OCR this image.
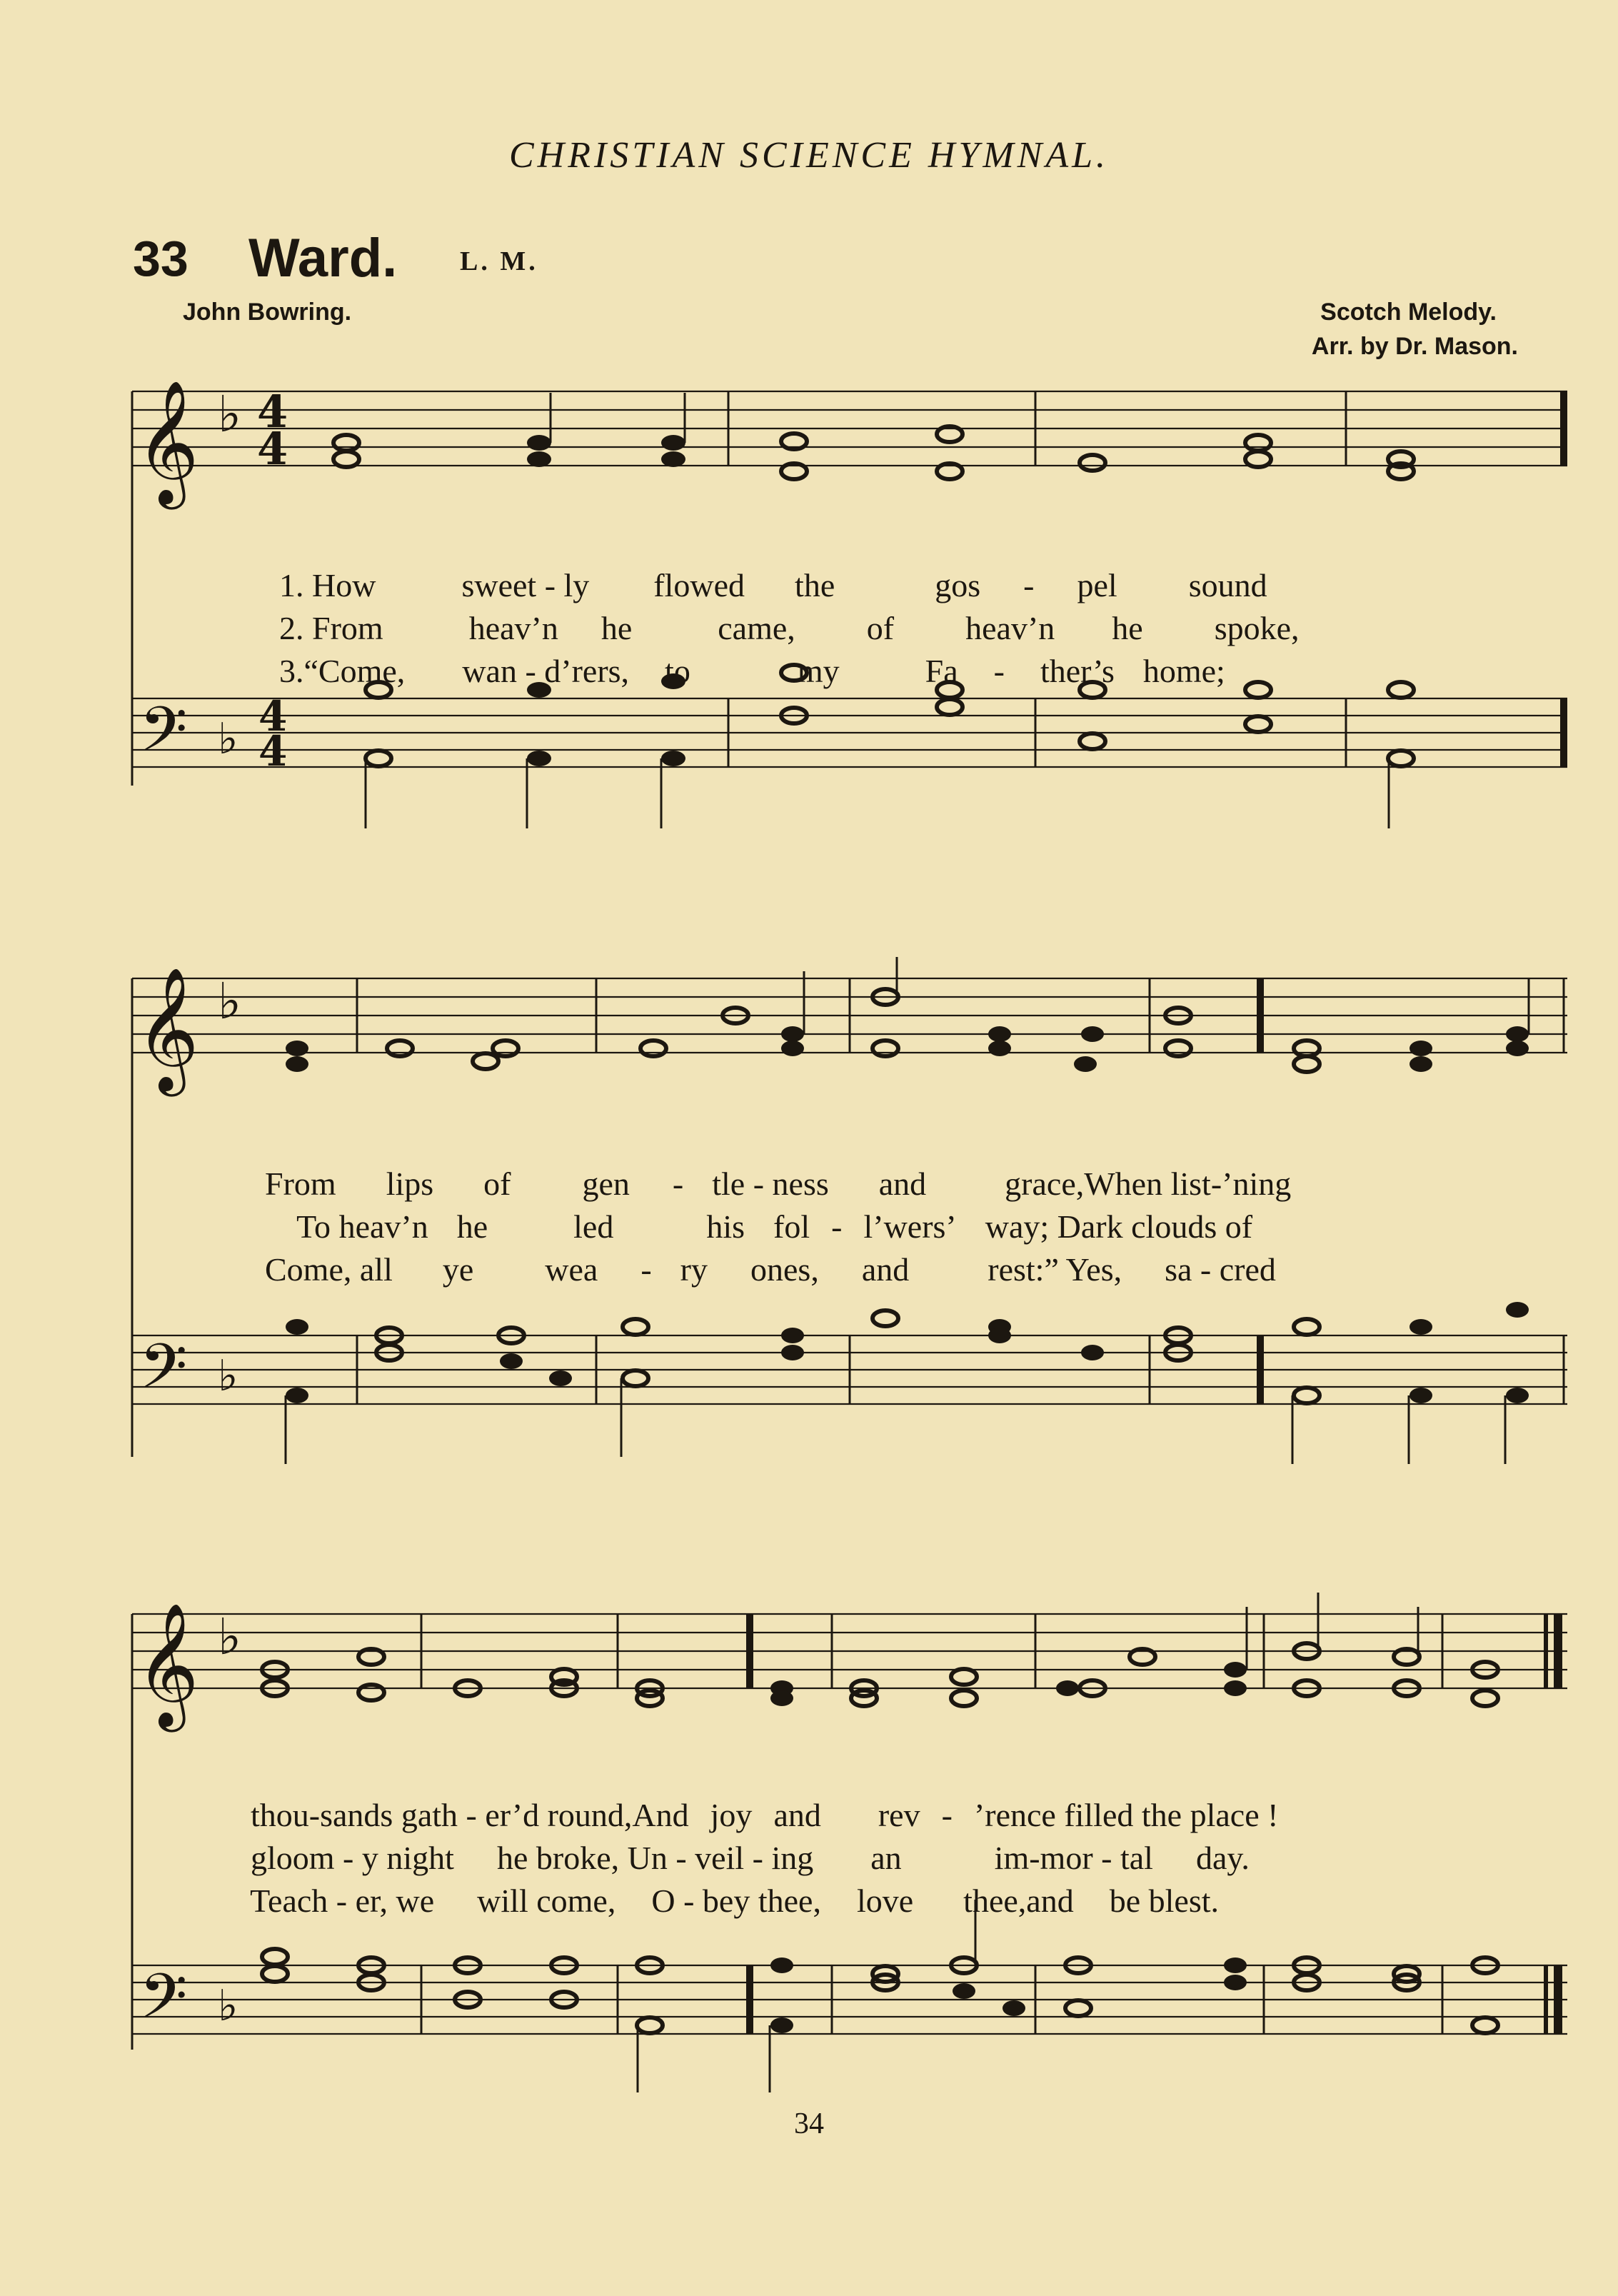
CHRISTIAN SCIENCE HYMNAL.
33 Ward. L. M.
John Bowring.	Scotch Melody.
Arr. by Dr. Mason.
𝄞 ♭ 4
4
𝄢 ♭ 4
4

1. How	sweet - ly flowed the	gos - pel sound

2. From	heav’n he	came, of heav’n he spoke,

3.“Come, wan - d’rers, to	my	Fa - ther’s home;

𝄞 ♭
𝄢 ♭

From lips of gen - tle - ness and grace,When list-’ning

To heav’n he	led	his fol - l’wers’ way; Dark clouds of

Come, all ye wea - ry ones, and rest:” Yes, sa - cred

𝄞 ♭
𝄢 ♭

thou-sands gath - er’d round,And joy and rev - ’rence filled the place !

gloom - y night he broke, Un - veil - ing an	im-mor - tal day.

Teach - er, we will come, O - bey thee, love thee,and be blest.

34
